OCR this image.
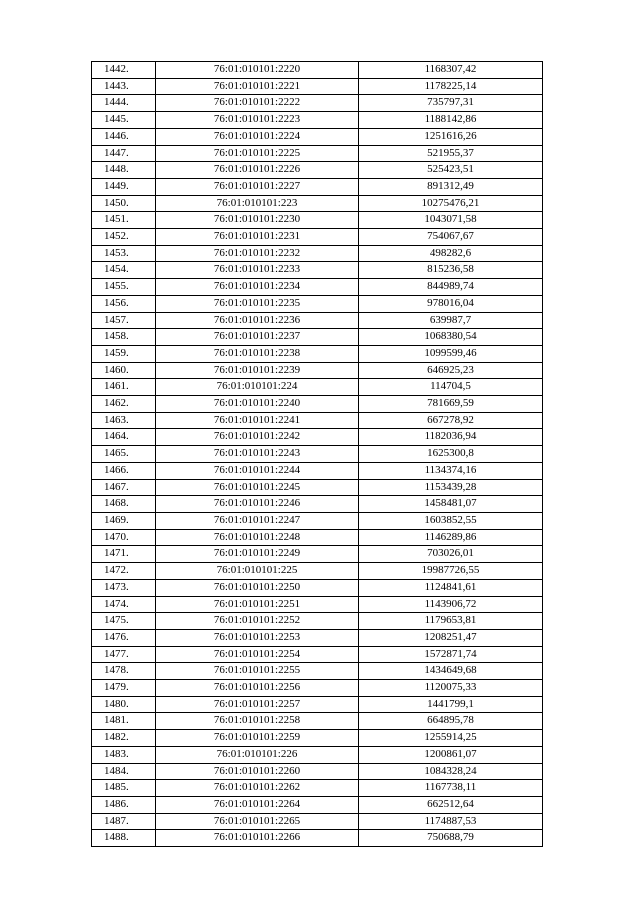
1442.	76:01:010101:2220	1168307,42
1443.	76:01:010101:2221	1178225,14
1444.	76:01:010101:2222	735797,31
1445.	76:01:010101:2223	1188142,86
1446.	76:01:010101:2224	1251616,26
1447.	76:01:010101:2225	521955,37
1448.	76:01:010101:2226	525423,51
1449.	76:01:010101:2227	891312,49
1450.	76:01:010101:223	10275476,21
1451.	76:01:010101:2230	1043071,58
1452.	76:01:010101:2231	754067,67
1453.	76:01:010101:2232	498282,6
1454.	76:01:010101:2233	815236,58
1455.	76:01:010101:2234	844989,74
1456.	76:01:010101:2235	978016,04
1457.	76:01:010101:2236	639987,7
1458.	76:01:010101:2237	1068380,54
1459.	76:01:010101:2238	1099599,46
1460.	76:01:010101:2239	646925,23
1461.	76:01:010101:224	114704,5
1462.	76:01:010101:2240	781669,59
1463.	76:01:010101:2241	667278,92
1464.	76:01:010101:2242	1182036,94
1465.	76:01:010101:2243	1625300,8
1466.	76:01:010101:2244	1134374,16
1467.	76:01:010101:2245	1153439,28
1468.	76:01:010101:2246	1458481,07
1469.	76:01:010101:2247	1603852,55
1470.	76:01:010101:2248	1146289,86
1471.	76:01:010101:2249	703026,01
1472.	76:01:010101:225	19987726,55
1473.	76:01:010101:2250	1124841,61
1474.	76:01:010101:2251	1143906,72
1475.	76:01:010101:2252	1179653,81
1476.	76:01:010101:2253	1208251,47
1477.	76:01:010101:2254	1572871,74
1478.	76:01:010101:2255	1434649,68
1479.	76:01:010101:2256	1120075,33
1480.	76:01:010101:2257	1441799,1
1481.	76:01:010101:2258	664895,78
1482.	76:01:010101:2259	1255914,25
1483.	76:01:010101:226	1200861,07
1484.	76:01:010101:2260	1084328,24
1485.	76:01:010101:2262	1167738,11
1486.	76:01:010101:2264	662512,64
1487.	76:01:010101:2265	1174887,53
1488.	76:01:010101:2266	750688,79
